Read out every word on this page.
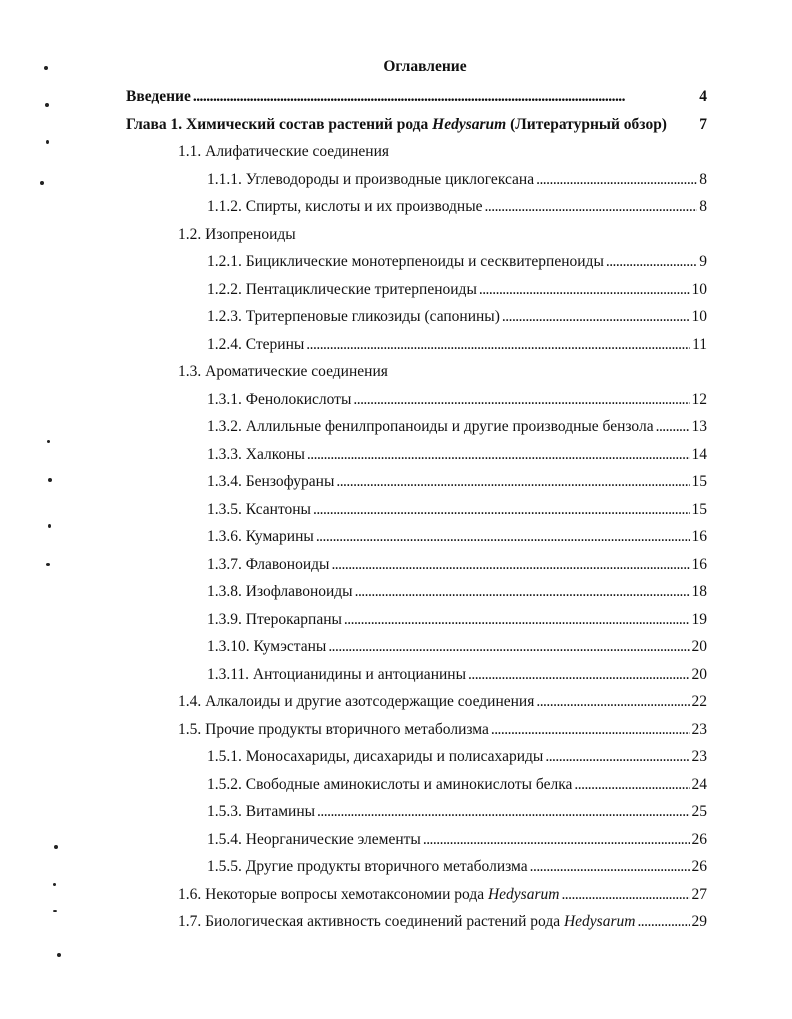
Оглавление
Введение . . .	4
Глава 1. Химический состав растений рода Hedysarum (Литературный обзор) 7
1.1. Алифатические соединения
1.1.1. Углеводороды и производные циклогексана . . .	8
1.1.2. Спирты, кислоты и их производные . . .	8
1.2. Изопреноиды
1.2.1. Бициклические монотерпеноиды и сесквитерпеноиды . . .	9
1.2.2. Пентациклические тритерпеноиды . . .	10
1.2.3. Тритерпеновые гликозиды (сапонины) . . .	10
1.2.4. Стерины . . .	11
1.3. Ароматические соединения
1.3.1. Фенолокислоты . . .	12
1.3.2. Аллильные фенилпропаноиды и другие производные бензола . . . 13
1.3.3. Халконы . . .	14
1.3.4. Бензофураны . . .	15
1.3.5. Ксантоны . . .	15
1.3.6. Кумарины . . .	16
1.3.7. Флавоноиды . . .	16
1.3.8. Изофлавоноиды . . .	18
1.3.9. Птерокарпаны . . .	19
1.3.10. Кумэстаны . . .	20
1.3.11. Антоцианидины и антоцианины . . .	20
1.4. Алкалоиды и другие азотсодержащие соединения . . .	22
1.5. Прочие продукты вторичного метаболизма . . .	23
1.5.1. Моносахариды, дисахариды и полисахариды . . .	23
1.5.2. Свободные аминокислоты и аминокислоты белка . . .	24
1.5.3. Витамины . . .	25
1.5.4. Неорганические элементы . . .	26
1.5.5. Другие продукты вторичного метаболизма . . .	26
1.6. Некоторые вопросы хемотаксономии рода Hedysarum . . .	27
1.7. Биологическая активность соединений растений рода Hedysarum . . .	29
